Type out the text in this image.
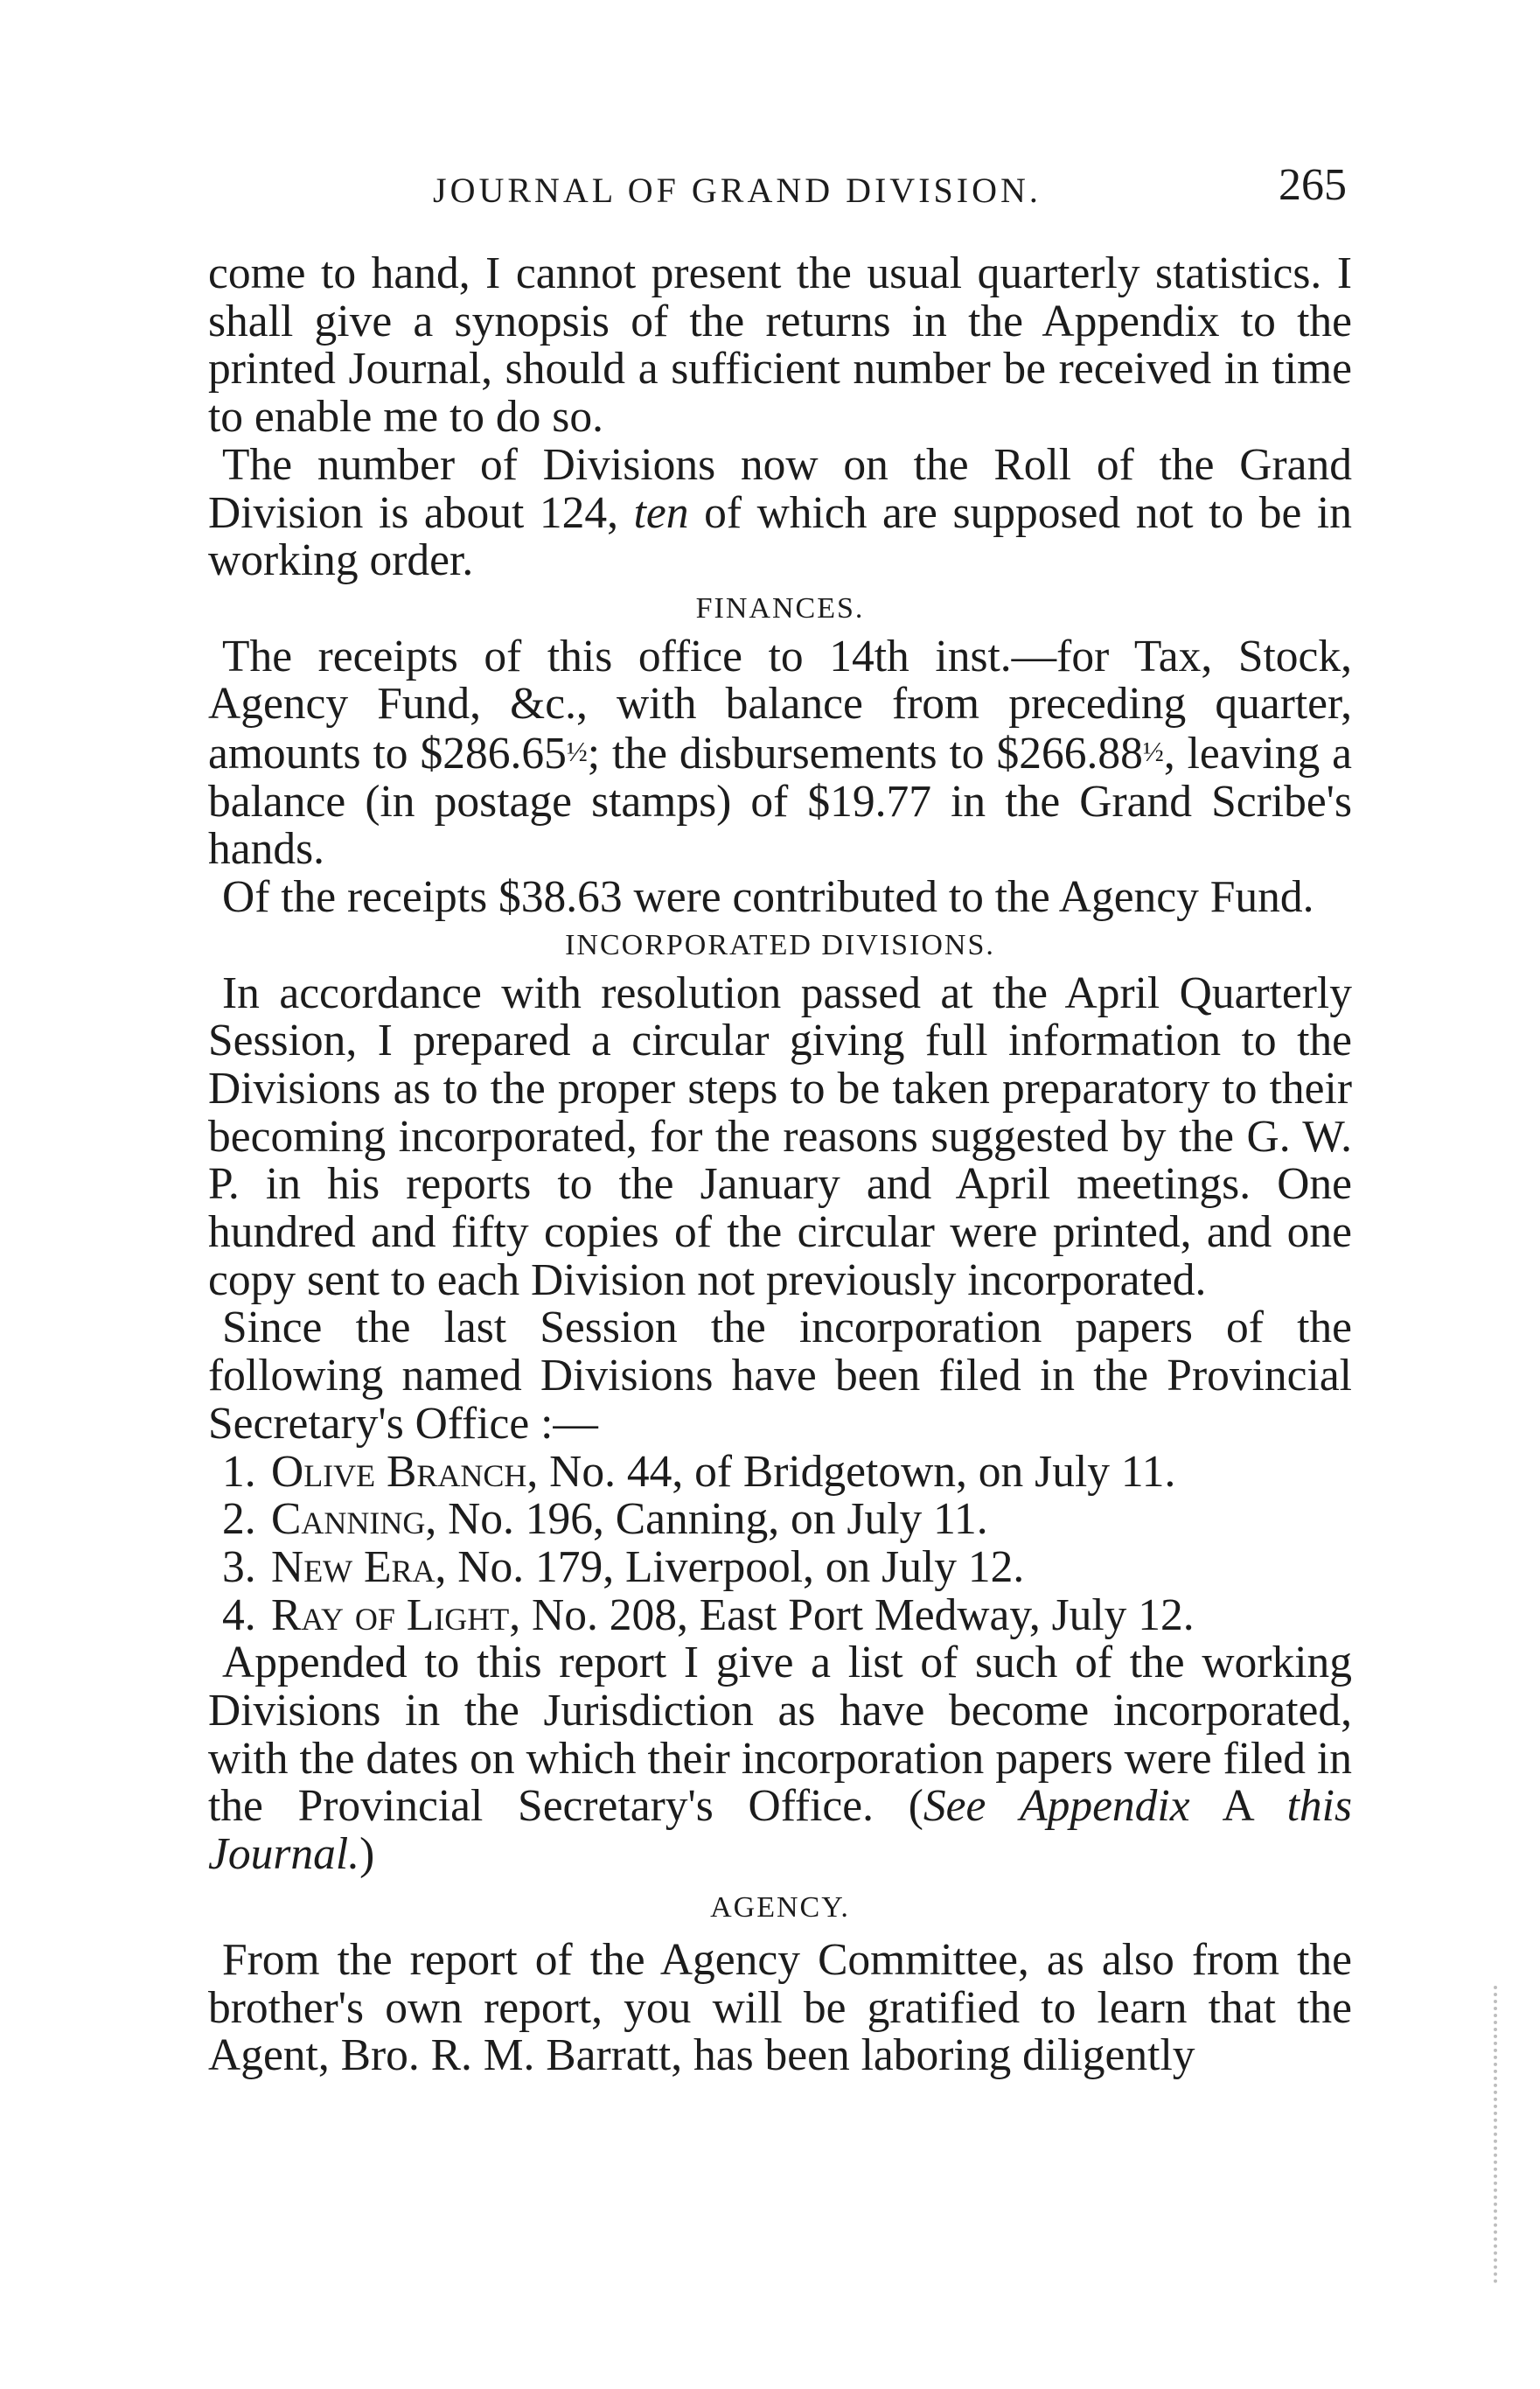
JOURNAL OF GRAND DIVISION.	265

come to hand, I cannot present the usual quarterly statistics. I shall give a synopsis of the returns in the Appendix to the printed Journal, should a sufficient number be received in time to enable me to do so.

The number of Divisions now on the Roll of the Grand Division is about 124, ten of which are supposed not to be in working order.

FINANCES.

The receipts of this office to 14th inst.—for Tax, Stock, Agency Fund, &c., with balance from preceding quarter, amounts to $286.65½; the disbursements to $266.88½, leaving a balance (in postage stamps) of $19.77 in the Grand Scribe's hands.

Of the receipts $38.63 were contributed to the Agency Fund.

INCORPORATED DIVISIONS.

In accordance with resolution passed at the April Quarterly Session, I prepared a circular giving full information to the Divisions as to the proper steps to be taken preparatory to their becoming incorporated, for the reasons suggested by the G. W. P. in his reports to the January and April meetings. One hundred and fifty copies of the circular were printed, and one copy sent to each Division not previously incorporated.

Since the last Session the incorporation papers of the following named Divisions have been filed in the Provincial Secretary's Office :—

1. Olive Branch, No. 44, of Bridgetown, on July 11.

2. Canning, No. 196, Canning, on July 11.

3. New Era, No. 179, Liverpool, on July 12.

4. Ray of Light, No. 208, East Port Medway, July 12.

Appended to this report I give a list of such of the working Divisions in the Jurisdiction as have become incorporated, with the dates on which their incorporation papers were filed in the Provincial Secretary's Office. (See Appendix A this Journal.)

AGENCY.

From the report of the Agency Committee, as also from the brother's own report, you will be gratified to learn that the Agent, Bro. R. M. Barratt, has been laboring diligently
